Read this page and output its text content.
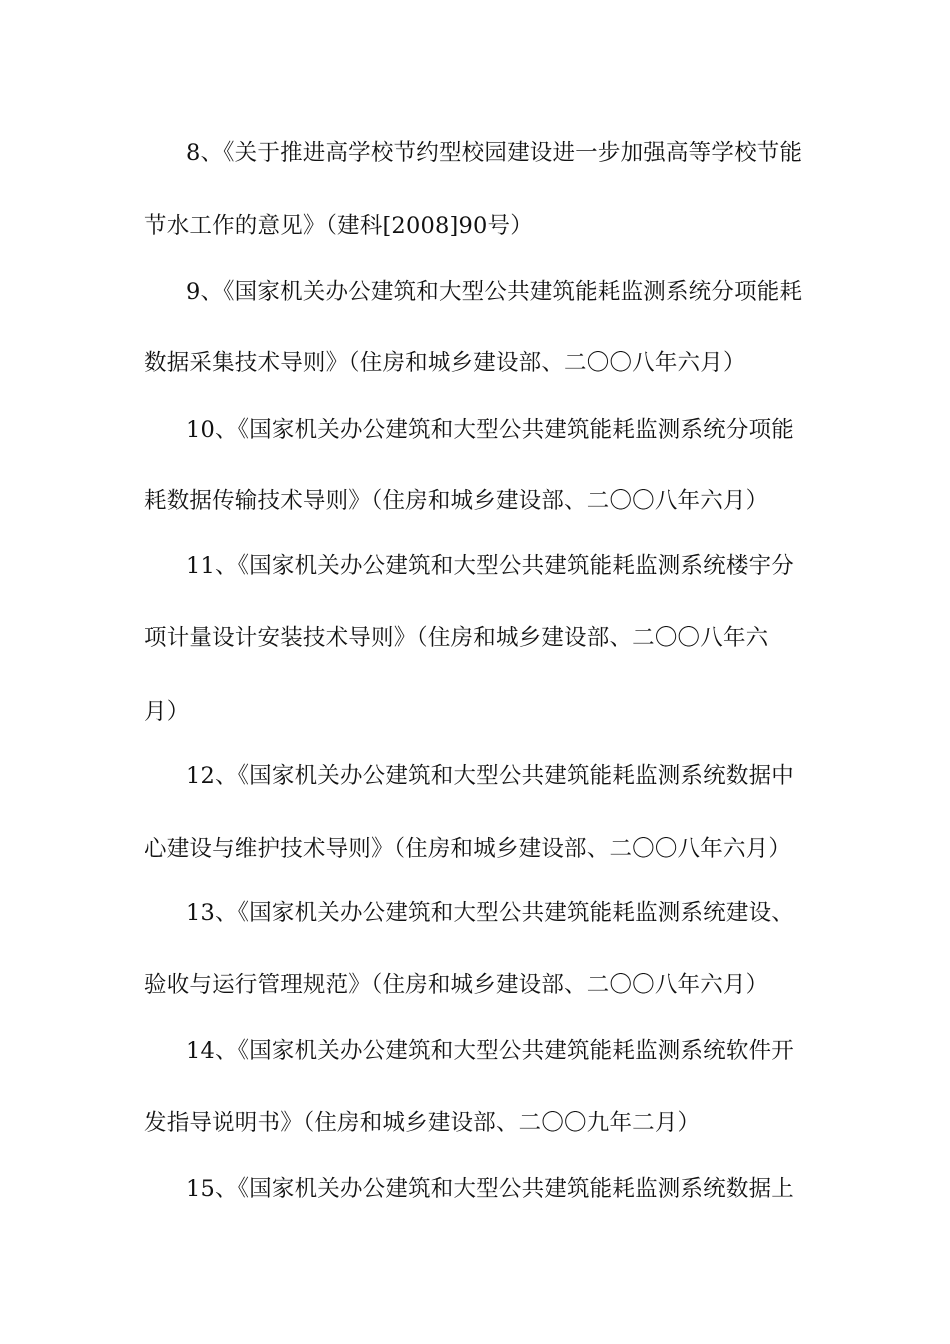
8、《关于推进高学校节约型校园建设进一步加强高等学校节能
节水工作的意见》（建科[2008]90号）
9、《国家机关办公建筑和大型公共建筑能耗监测系统分项能耗
数据采集技术导则》（住房和城乡建设部、二〇〇八年六月）
10、《国家机关办公建筑和大型公共建筑能耗监测系统分项能
耗数据传输技术导则》（住房和城乡建设部、二〇〇八年六月）
11、《国家机关办公建筑和大型公共建筑能耗监测系统楼宇分
项计量设计安装技术导则》（住房和城乡建设部、二〇〇八年六
月）
12、《国家机关办公建筑和大型公共建筑能耗监测系统数据中
心建设与维护技术导则》（住房和城乡建设部、二〇〇八年六月）
13、《国家机关办公建筑和大型公共建筑能耗监测系统建设、
验收与运行管理规范》（住房和城乡建设部、二〇〇八年六月）
14、《国家机关办公建筑和大型公共建筑能耗监测系统软件开
发指导说明书》（住房和城乡建设部、二〇〇九年二月）
15、《国家机关办公建筑和大型公共建筑能耗监测系统数据上
